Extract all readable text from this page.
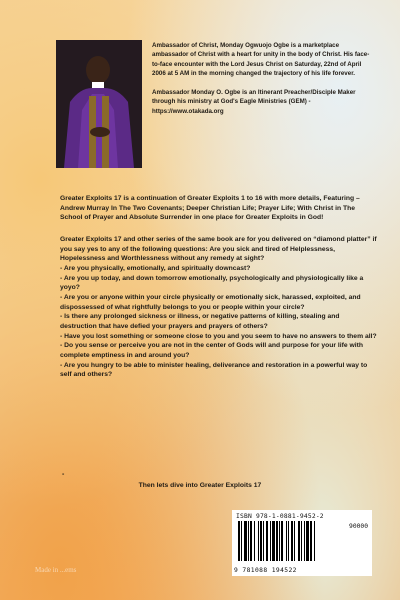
Ambassador of Christ, Monday Ogwuojo Ogbe is a marketplace ambassador of Christ with a heart for unity in the body of Christ. His face-to-face encounter with the Lord Jesus Christ on Saturday, 22nd of April 2006 at 5 AM in the morning changed the trajectory of his life forever.

Ambassador Monday O. Ogbe is an Itinerant Preacher/Disciple Maker through his ministry at God's Eagle Ministries (GEM) - https://www.otakada.org

Greater Exploits 17 is a continuation of Greater Exploits 1 to 16 with more details, Featuring – Andrew Murray In The Two Covenants; Deeper Christian Life; Prayer Life; With Christ in The School of Prayer and Absolute Surrender in one place for Greater Exploits in God!

Greater Exploits 17 and other series of the same book are for you delivered on “diamond platter” if you say yes to any of the following questions: Are you sick and tired of Helplessness, Hopelessness and Worthlessness without any remedy at sight?

- Are you physically, emotionally, and spiritually downcast?

- Are you up today, and down tomorrow emotionally, psychologically and physiologically like a yoyo?

- Are you or anyone within your circle physically or emotionally sick, harassed, exploited, and dispossessed of what rightfully belongs to you or people within your circle?

- Is there any prolonged sickness or illness, or negative patterns of killing, stealing and destruction that have defied your prayers and prayers of others?

- Have you lost something or someone close to you and you seem to have no answers to them all?

- Do you sense or perceive you are not in the center of Gods will and purpose for your life with complete emptiness in and around you?

- Are you hungry to be able to minister healing, deliverance and restoration in a powerful way to self and others?

-
Then lets dive into Greater Exploits 17
ISBN 978-1-0881-9452-2
90000
9 781088 194522
Made in ...ems
